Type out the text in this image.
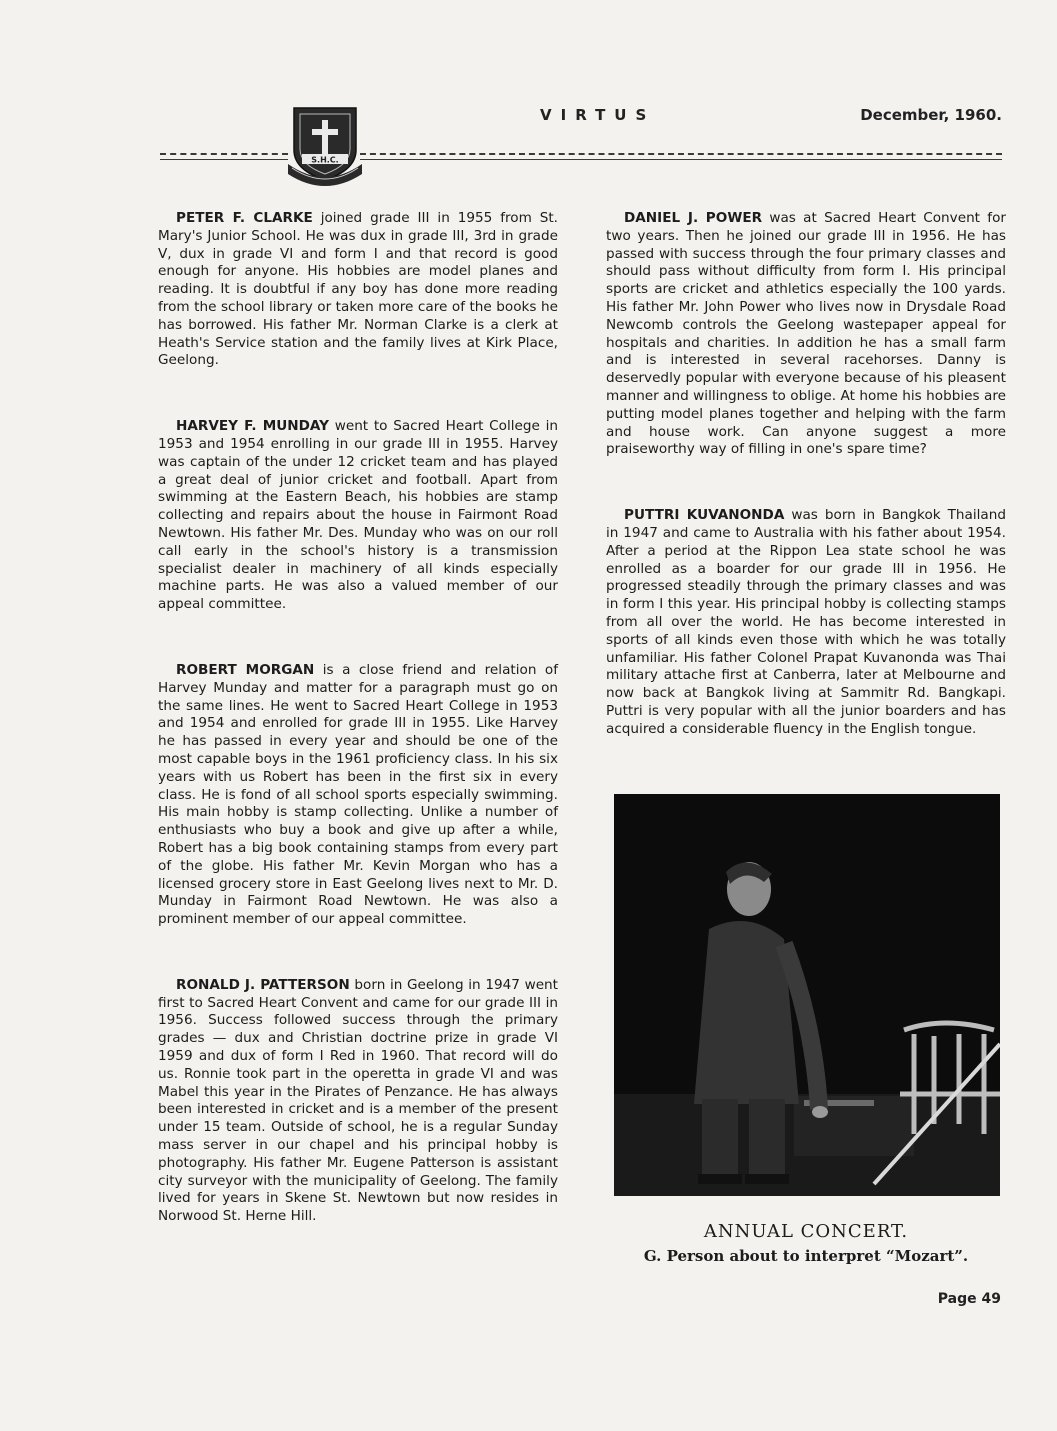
S.H.C.
VIRTUS	December, 1960.

PETER F. CLARKE joined grade III in 1955 from St. Mary's Junior School. He was dux in grade III, 3rd in grade V, dux in grade VI and form I and that record is good enough for anyone. His hobbies are model planes and reading. It is doubtful if any boy has done more reading from the school library or taken more care of the books he has borrowed. His father Mr. Norman Clarke is a clerk at Heath's Service station and the family lives at Kirk Place, Geelong.

HARVEY F. MUNDAY went to Sacred Heart College in 1953 and 1954 enrolling in our grade III in 1955. Harvey was captain of the under 12 cricket team and has played a great deal of junior cricket and football. Apart from swimming at the Eastern Beach, his hobbies are stamp collecting and repairs about the house in Fairmont Road Newtown. His father Mr. Des. Munday who was on our roll call early in the school's history is a transmission specialist dealer in machinery of all kinds especially machine parts. He was also a valued member of our appeal committee.

ROBERT MORGAN is a close friend and relation of Harvey Munday and matter for a paragraph must go on the same lines. He went to Sacred Heart College in 1953 and 1954 and enrolled for grade III in 1955. Like Harvey he has passed in every year and should be one of the most capable boys in the 1961 proficiency class. In his six years with us Robert has been in the first six in every class. He is fond of all school sports especially swimming. His main hobby is stamp collecting. Unlike a number of enthusiasts who buy a book and give up after a while, Robert has a big book containing stamps from every part of the globe. His father Mr. Kevin Morgan who has a licensed grocery store in East Geelong lives next to Mr. D. Munday in Fairmont Road Newtown. He was also a prominent member of our appeal committee.

RONALD J. PATTERSON born in Geelong in 1947 went first to Sacred Heart Convent and came for our grade III in 1956. Success followed success through the primary grades — dux and Christian doctrine prize in grade VI 1959 and dux of form I Red in 1960. That record will do us. Ronnie took part in the operetta in grade VI and was Mabel this year in the Pirates of Penzance. He has always been interested in cricket and is a member of the present under 15 team. Outside of school, he is a regular Sunday mass server in our chapel and his principal hobby is photography. His father Mr. Eugene Patterson is assistant city surveyor with the municipality of Geelong. The family lived for years in Skene St. Newtown but now resides in Norwood St. Herne Hill.

DANIEL J. POWER was at Sacred Heart Convent for two years. Then he joined our grade III in 1956. He has passed with success through the four primary classes and should pass without difficulty from form I. His principal sports are cricket and athletics especially the 100 yards. His father Mr. John Power who lives now in Drysdale Road Newcomb controls the Geelong wastepaper appeal for hospitals and charities. In addition he has a small farm and is interested in several racehorses. Danny is deservedly popular with everyone because of his pleasent manner and willingness to oblige. At home his hobbies are putting model planes together and helping with the farm and house work. Can anyone suggest a more praiseworthy way of filling in one's spare time?

PUTTRI KUVANONDA was born in Bangkok Thailand in 1947 and came to Australia with his father about 1954. After a period at the Rippon Lea state school he was enrolled as a boarder for our grade III in 1956. He progressed steadily through the primary classes and was in form I this year. His principal hobby is collecting stamps from all over the world. He has become interested in sports of all kinds even those with which he was totally unfamiliar. His father Colonel Prapat Kuvanonda was Thai military attache first at Canberra, later at Melbourne and now back at Bangkok living at Sammitr Rd. Bangkapi. Puttri is very popular with all the junior boarders and has acquired a considerable fluency in the English tongue.

ANNUAL CONCERT.
G. Person about to interpret “Mozart”.
Page 49
